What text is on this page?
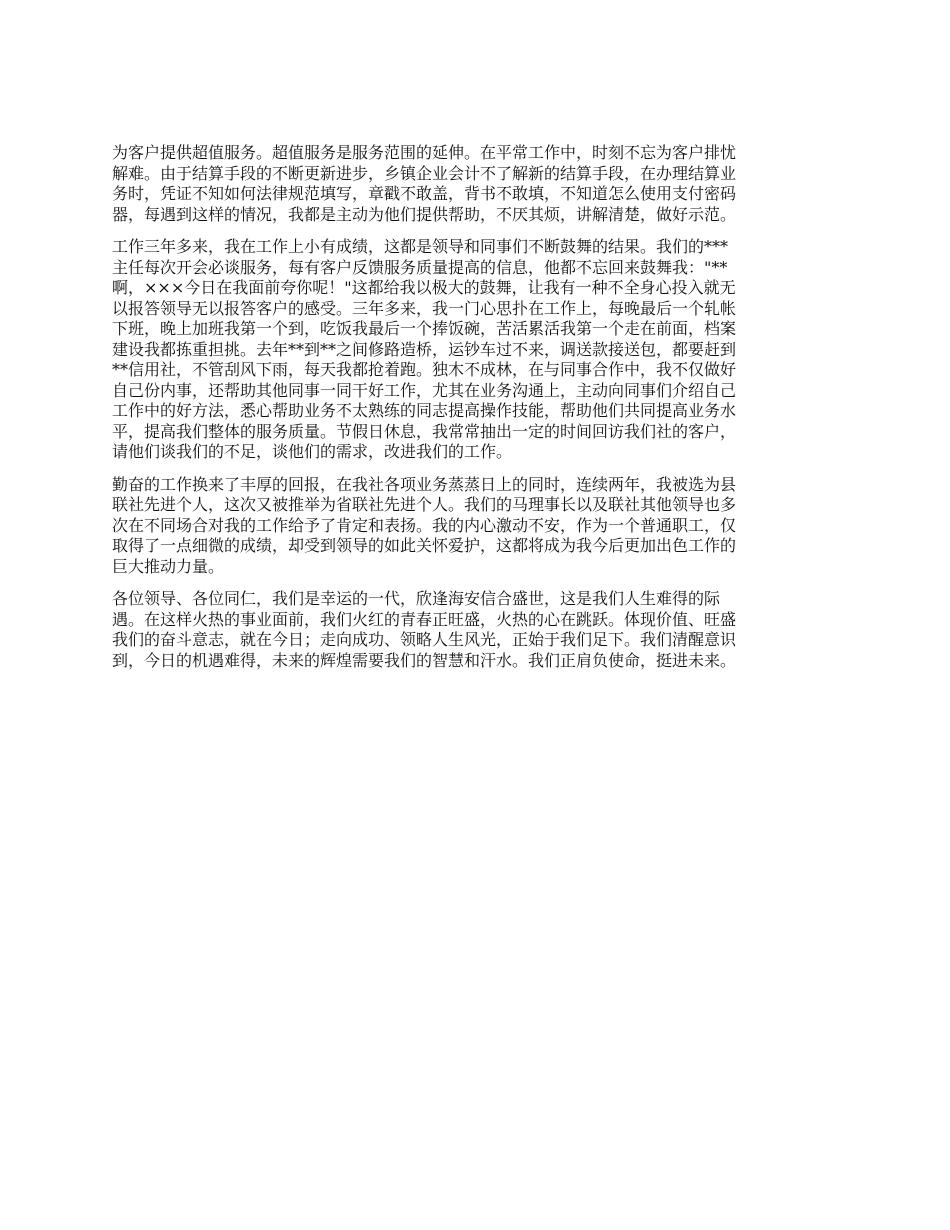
为客户提供超值服务。超值服务是服务范围的延伸。在平常工作中，时刻不忘为客户排忧
解难。由于结算手段的不断更新进步，乡镇企业会计不了解新的结算手段，在办理结算业
务时，凭证不知如何法律规范填写，章戳不敢盖，背书不敢填，不知道怎么使用支付密码
器，每遇到这样的情况，我都是主动为他们提供帮助，不厌其烦，讲解清楚，做好示范。

工作三年多来，我在工作上小有成绩，这都是领导和同事们不断鼓舞的结果。我们的***
主任每次开会必谈服务，每有客户反馈服务质量提高的信息，他都不忘回来鼓舞我："**
啊，×××今日在我面前夸你呢！"这都给我以极大的鼓舞，让我有一种不全身心投入就无
以报答领导无以报答客户的感受。三年多来，我一门心思扑在工作上，每晚最后一个轧帐
下班，晚上加班我第一个到，吃饭我最后一个捧饭碗，苦活累活我第一个走在前面，档案
建设我都拣重担挑。去年**到**之间修路造桥，运钞车过不来，调送款接送包，都要赶到
**信用社，不管刮风下雨，每天我都抢着跑。独木不成林，在与同事合作中，我不仅做好
自己份内事，还帮助其他同事一同干好工作，尤其在业务沟通上，主动向同事们介绍自己
工作中的好方法，悉心帮助业务不太熟练的同志提高操作技能，帮助他们共同提高业务水
平，提高我们整体的服务质量。节假日休息，我常常抽出一定的时间回访我们社的客户，
请他们谈我们的不足，谈他们的需求，改进我们的工作。

勤奋的工作换来了丰厚的回报，在我社各项业务蒸蒸日上的同时，连续两年，我被选为县
联社先进个人，这次又被推举为省联社先进个人。我们的马理事长以及联社其他领导也多
次在不同场合对我的工作给予了肯定和表扬。我的内心激动不安，作为一个普通职工，仅
取得了一点细微的成绩，却受到领导的如此关怀爱护，这都将成为我今后更加出色工作的
巨大推动力量。

各位领导、各位同仁，我们是幸运的一代，欣逢海安信合盛世，这是我们人生难得的际
遇。在这样火热的事业面前，我们火红的青春正旺盛，火热的心在跳跃。体现价值、旺盛
我们的奋斗意志，就在今日；走向成功、领略人生风光，正始于我们足下。我们清醒意识
到，今日的机遇难得，未来的辉煌需要我们的智慧和汗水。我们正肩负使命，挺进未来。
